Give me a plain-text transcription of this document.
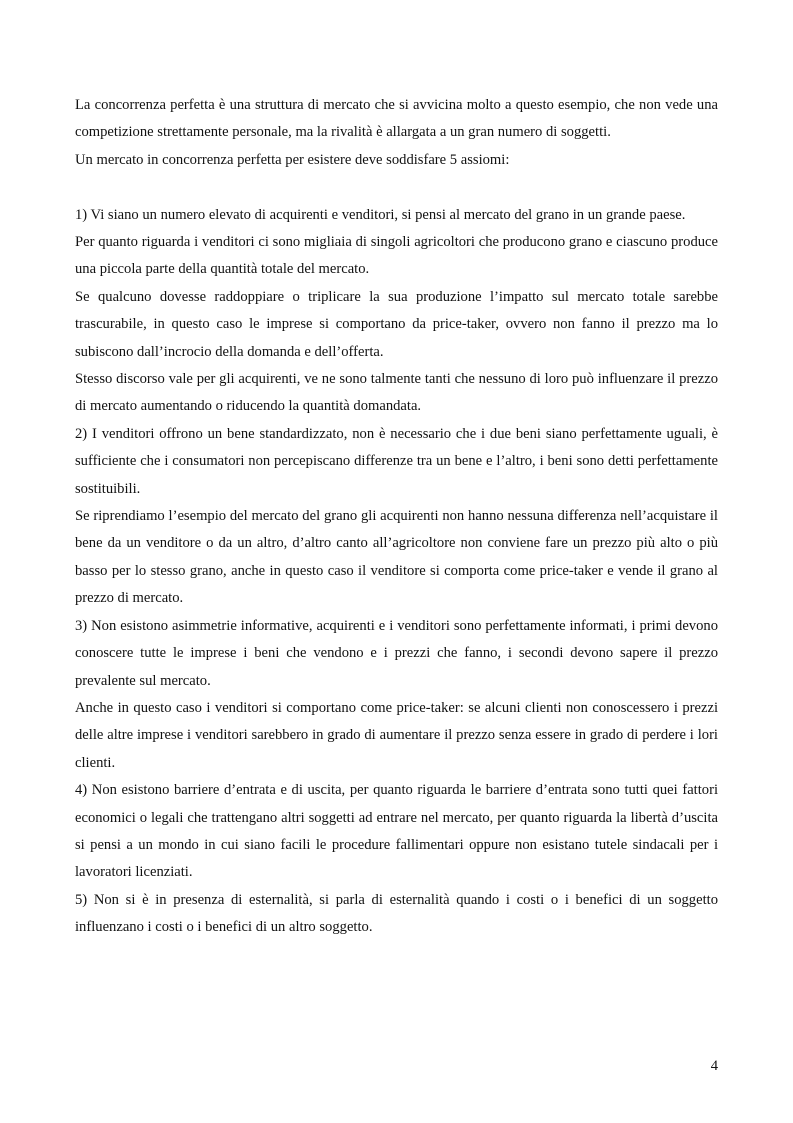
La concorrenza perfetta è una struttura di mercato che si avvicina molto a questo esempio, che non vede una competizione strettamente personale, ma la rivalità è allargata a un gran numero di soggetti.

Un mercato in concorrenza perfetta per esistere deve soddisfare 5 assiomi:

1) Vi siano un numero elevato di acquirenti e venditori, si pensi al mercato del grano in un grande paese.

Per quanto riguarda i venditori ci sono migliaia di singoli agricoltori che producono grano e ciascuno produce una piccola parte della quantità totale del mercato.

Se qualcuno dovesse raddoppiare o triplicare la sua produzione l’impatto sul mercato totale sarebbe trascurabile, in questo caso le imprese si comportano da price-taker, ovvero non fanno il prezzo ma lo subiscono dall’incrocio della domanda e dell’offerta.

Stesso discorso vale per gli acquirenti, ve ne sono talmente tanti che nessuno di loro può influenzare il prezzo di mercato aumentando o riducendo la quantità domandata.

2) I venditori offrono un bene standardizzato, non è necessario che i due beni siano perfettamente uguali, è sufficiente che i consumatori non percepiscano differenze tra un bene e l’altro, i beni sono detti perfettamente sostituibili.

Se riprendiamo l’esempio del mercato del grano gli acquirenti non hanno nessuna differenza nell’acquistare il bene da un venditore o da un altro, d’altro canto all’agricoltore non conviene fare un prezzo più alto o più basso per lo stesso grano, anche in questo caso il venditore si comporta come price-taker e vende il grano al prezzo di mercato.

3) Non esistono asimmetrie informative, acquirenti e i venditori sono perfettamente informati, i primi devono conoscere tutte le imprese i beni che vendono e i prezzi che fanno, i secondi devono sapere il prezzo prevalente sul mercato.

Anche in questo caso i venditori si comportano come price-taker: se alcuni clienti non conoscessero i prezzi delle altre imprese i venditori sarebbero in grado di aumentare il prezzo senza essere in grado di perdere i lori clienti.

4) Non esistono barriere d’entrata e di uscita, per quanto riguarda le barriere d’entrata sono tutti quei fattori economici o legali che trattengano altri soggetti ad entrare nel mercato, per quanto riguarda la libertà d’uscita si pensi a un mondo in cui siano facili le procedure fallimentari oppure non esistano tutele sindacali per i lavoratori licenziati.

5) Non si è in presenza di esternalità, si parla di esternalità quando i costi o i benefici di un soggetto influenzano i costi o i benefici di un altro soggetto.

4
